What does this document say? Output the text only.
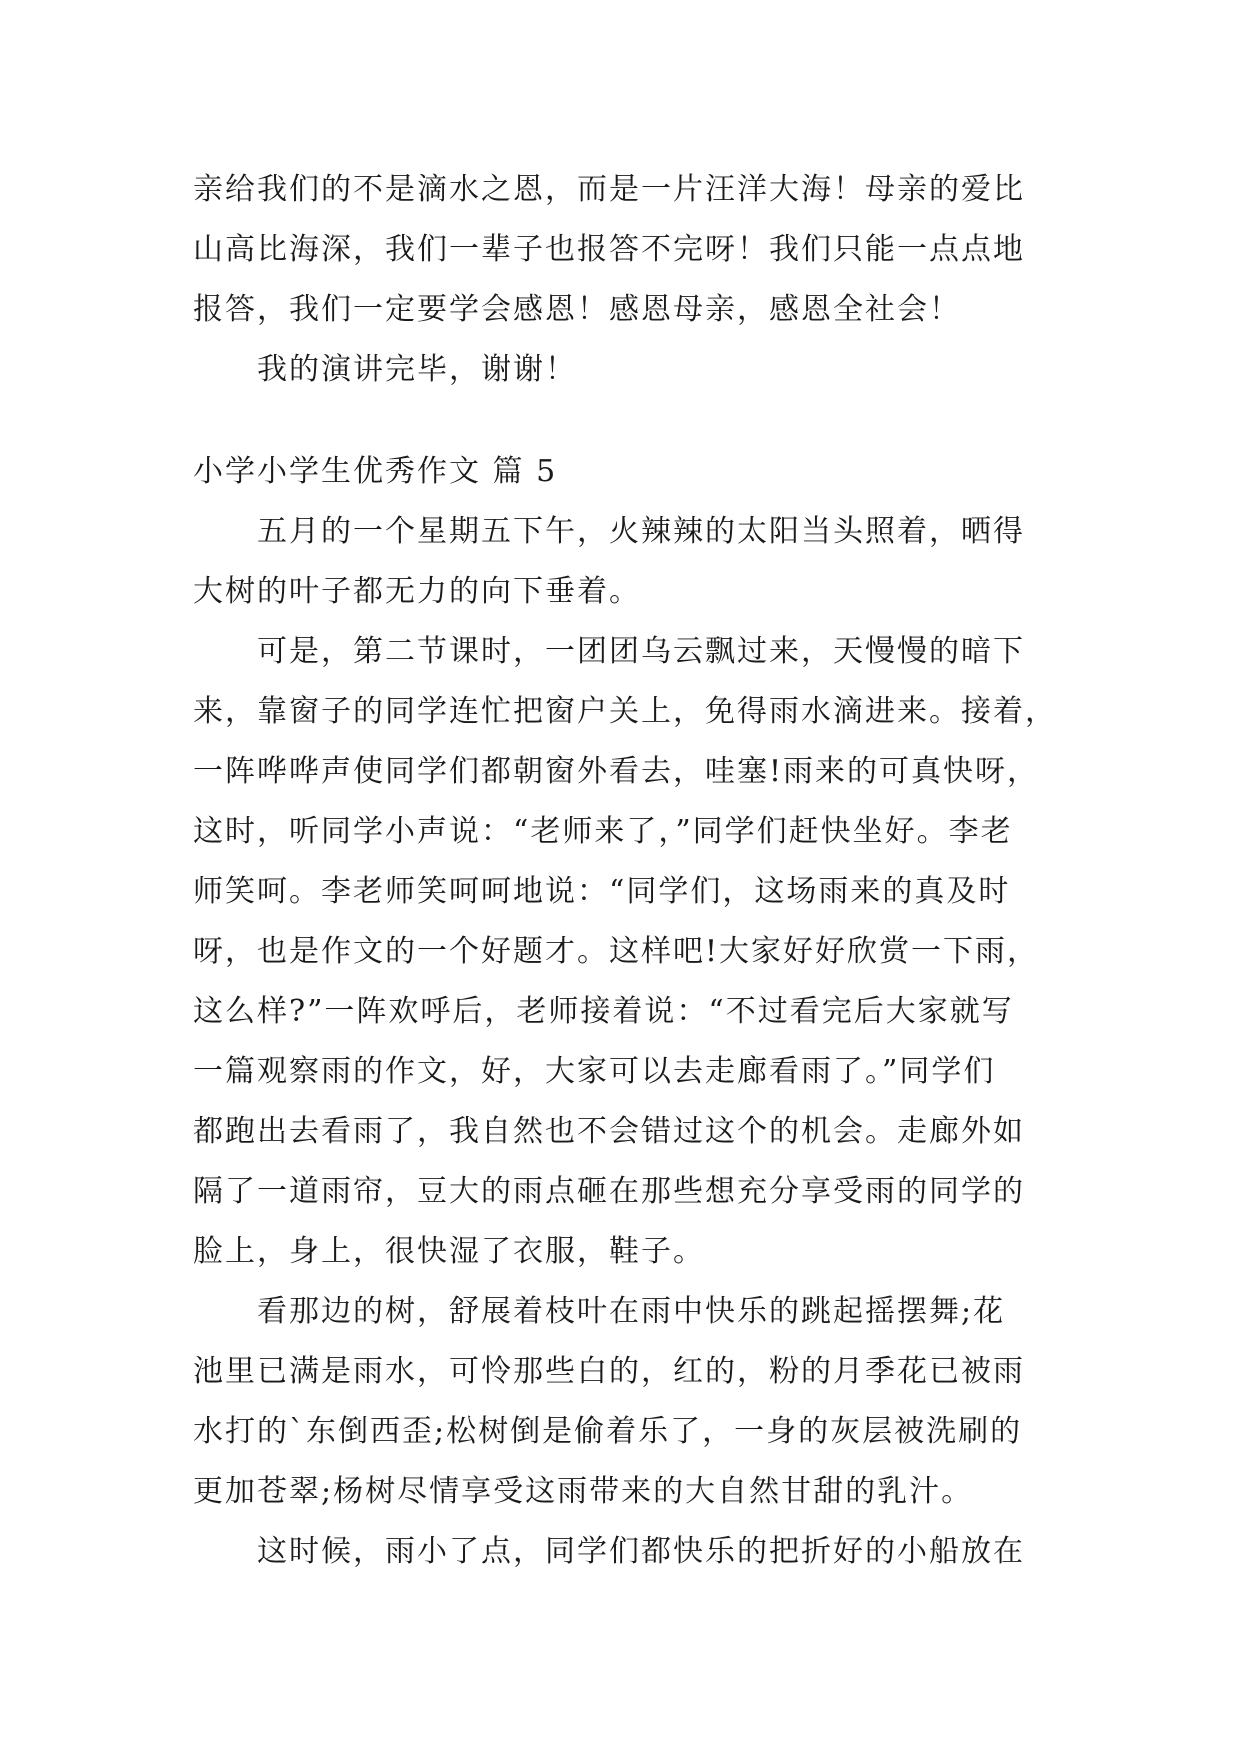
亲给我们的不是滴水之恩，而是一片汪洋大海！母亲的爱比

山高比海深，我们一辈子也报答不完呀！我们只能一点点地

报答，我们一定要学会感恩！感恩母亲，感恩全社会！

我的演讲完毕，谢谢！

小学小学生优秀作文 篇 5

五月的一个星期五下午，火辣辣的太阳当头照着，晒得

大树的叶子都无力的向下垂着。

可是，第二节课时，一团团乌云飘过来，天慢慢的暗下

来，靠窗子的同学连忙把窗户关上，免得雨水滴进来。接着，

一阵哗哗声使同学们都朝窗外看去，哇塞!雨来的可真快呀，

这时，听同学小声说：“老师来了，”同学们赶快坐好。李老

师笑呵。李老师笑呵呵地说：“同学们，这场雨来的真及时

呀，也是作文的一个好题才。这样吧!大家好好欣赏一下雨，

这么样?”一阵欢呼后，老师接着说：“不过看完后大家就写

一篇观察雨的作文，好，大家可以去走廊看雨了。”同学们

都跑出去看雨了，我自然也不会错过这个的机会。走廊外如

隔了一道雨帘，豆大的雨点砸在那些想充分享受雨的同学的

脸上，身上，很快湿了衣服，鞋子。

看那边的树，舒展着枝叶在雨中快乐的跳起摇摆舞;花

池里已满是雨水，可怜那些白的，红的，粉的月季花已被雨

水打的`东倒西歪;松树倒是偷着乐了，一身的灰层被洗刷的

更加苍翠;杨树尽情享受这雨带来的大自然甘甜的乳汁。

这时候，雨小了点，同学们都快乐的把折好的小船放在
